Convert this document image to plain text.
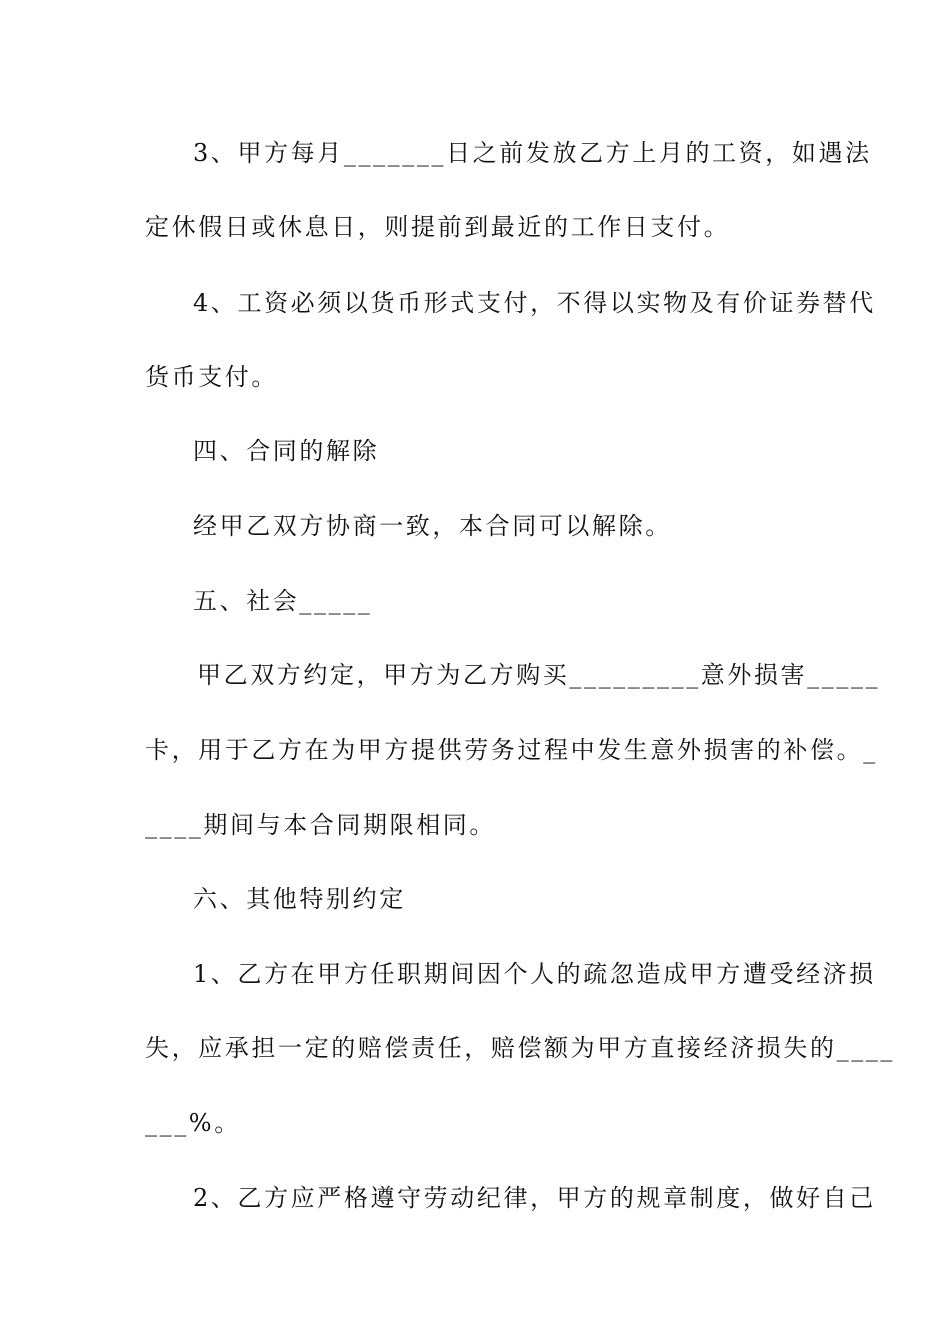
3、甲方每月_______日之前发放乙方上月的工资，如遇法
定休假日或休息日，则提前到最近的工作日支付。
4、工资必须以货币形式支付，不得以实物及有价证券替代
货币支付。
四、合同的解除
经甲乙双方协商一致，本合同可以解除。
五、社会_____
甲乙双方约定，甲方为乙方购买_________意外损害_____
卡，用于乙方在为甲方提供劳务过程中发生意外损害的补偿。_
____期间与本合同期限相同。
六、其他特别约定
1、乙方在甲方任职期间因个人的疏忽造成甲方遭受经济损
失，应承担一定的赔偿责任，赔偿额为甲方直接经济损失的____
___%。
2、乙方应严格遵守劳动纪律，甲方的规章制度，做好自己
